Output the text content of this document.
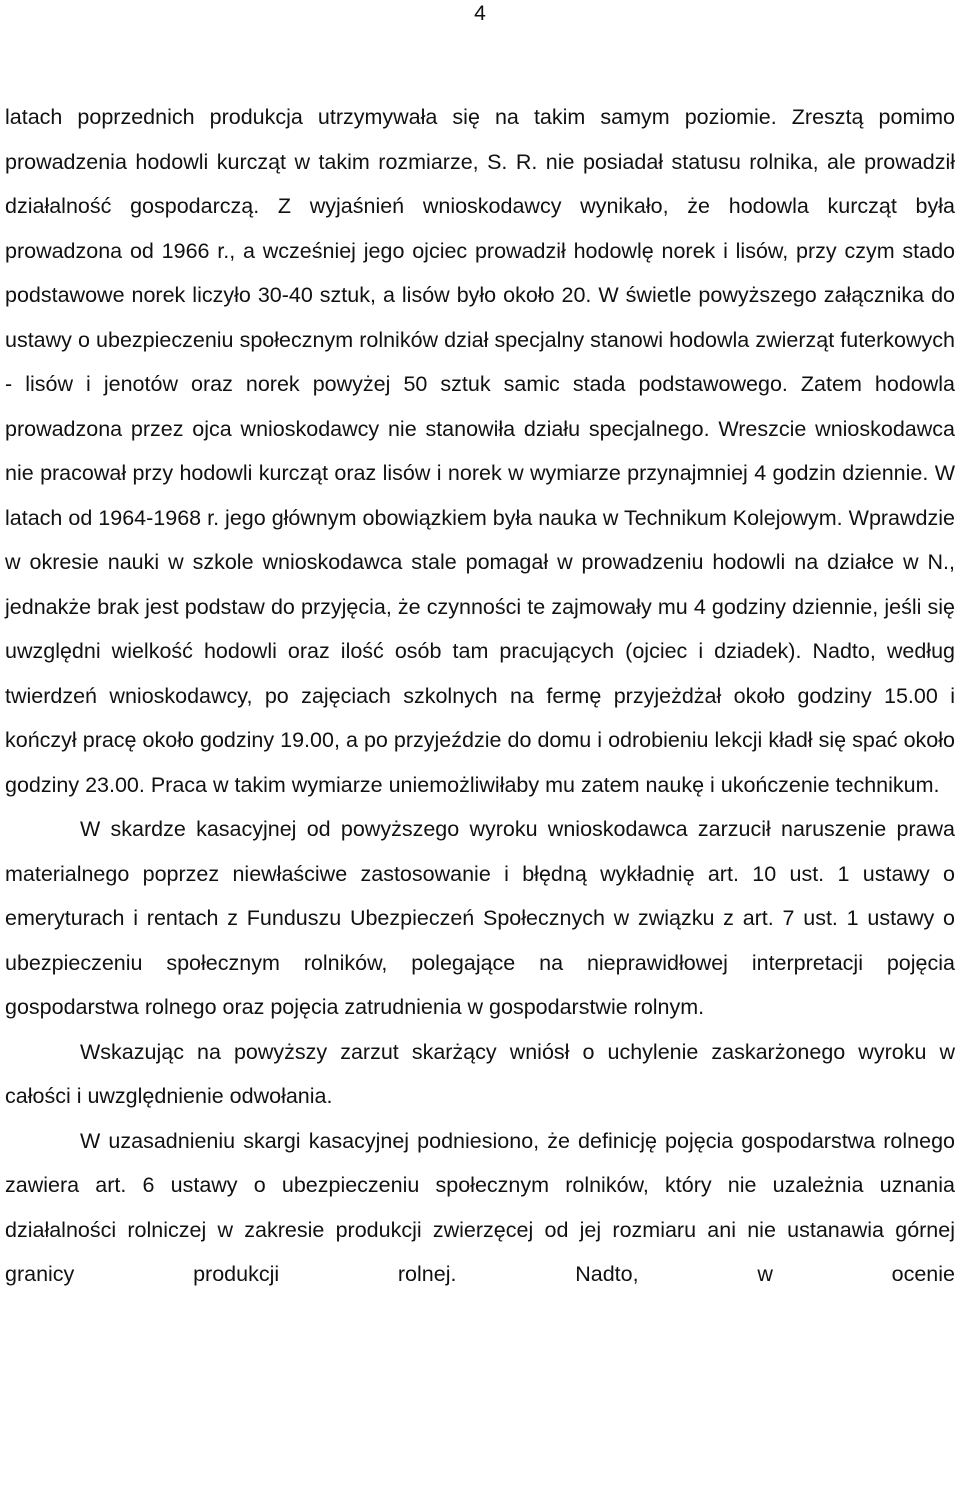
4

latach poprzednich produkcja utrzymywała się na takim samym poziomie. Zresztą pomimo prowadzenia hodowli kurcząt w takim rozmiarze, S. R. nie posiadał statusu rolnika, ale prowadził działalność gospodarczą. Z wyjaśnień wnioskodawcy wynikało, że hodowla kurcząt była prowadzona od 1966 r., a wcześniej jego ojciec prowadził hodowlę norek i lisów, przy czym stado podstawowe norek liczyło 30-40 sztuk, a lisów było około 20. W świetle powyższego załącznika do ustawy o ubezpieczeniu społecznym rolników dział specjalny stanowi hodowla zwierząt futerkowych - lisów i jenotów oraz norek powyżej 50 sztuk samic stada podstawowego. Zatem hodowla prowadzona przez ojca wnioskodawcy nie stanowiła działu specjalnego. Wreszcie wnioskodawca nie pracował przy hodowli kurcząt oraz lisów i norek w wymiarze przynajmniej 4 godzin dziennie. W latach od 1964-1968 r. jego głównym obowiązkiem była nauka w Technikum Kolejowym. Wprawdzie w okresie nauki w szkole wnioskodawca stale pomagał w prowadzeniu hodowli na działce w N., jednakże brak jest podstaw do przyjęcia, że czynności te zajmowały mu 4 godziny dziennie, jeśli się uwzględni wielkość hodowli oraz ilość osób tam pracujących (ojciec i dziadek). Nadto, według twierdzeń wnioskodawcy, po zajęciach szkolnych na fermę przyjeżdżał około godziny 15.00 i kończył pracę około godziny 19.00, a po przyjeździe do domu i odrobieniu lekcji kładł się spać około godziny 23.00. Praca w takim wymiarze uniemożliwiłaby mu zatem naukę i ukończenie technikum.

W skardze kasacyjnej od powyższego wyroku wnioskodawca zarzucił naruszenie prawa materialnego poprzez niewłaściwe zastosowanie i błędną wykładnię art. 10 ust. 1 ustawy o emeryturach i rentach z Funduszu Ubezpieczeń Społecznych w związku z art. 7 ust. 1 ustawy o ubezpieczeniu społecznym rolników, polegające na nieprawidłowej interpretacji pojęcia gospodarstwa rolnego oraz pojęcia zatrudnienia w gospodarstwie rolnym.

Wskazując na powyższy zarzut skarżący wniósł o uchylenie zaskarżonego wyroku w całości i uwzględnienie odwołania.

W uzasadnieniu skargi kasacyjnej podniesiono, że definicję pojęcia gospodarstwa rolnego zawiera art. 6 ustawy o ubezpieczeniu społecznym rolników, który nie uzależnia uznania działalności rolniczej w zakresie produkcji zwierzęcej od jej rozmiaru ani nie ustanawia górnej granicy produkcji rolnej. Nadto, w ocenie
